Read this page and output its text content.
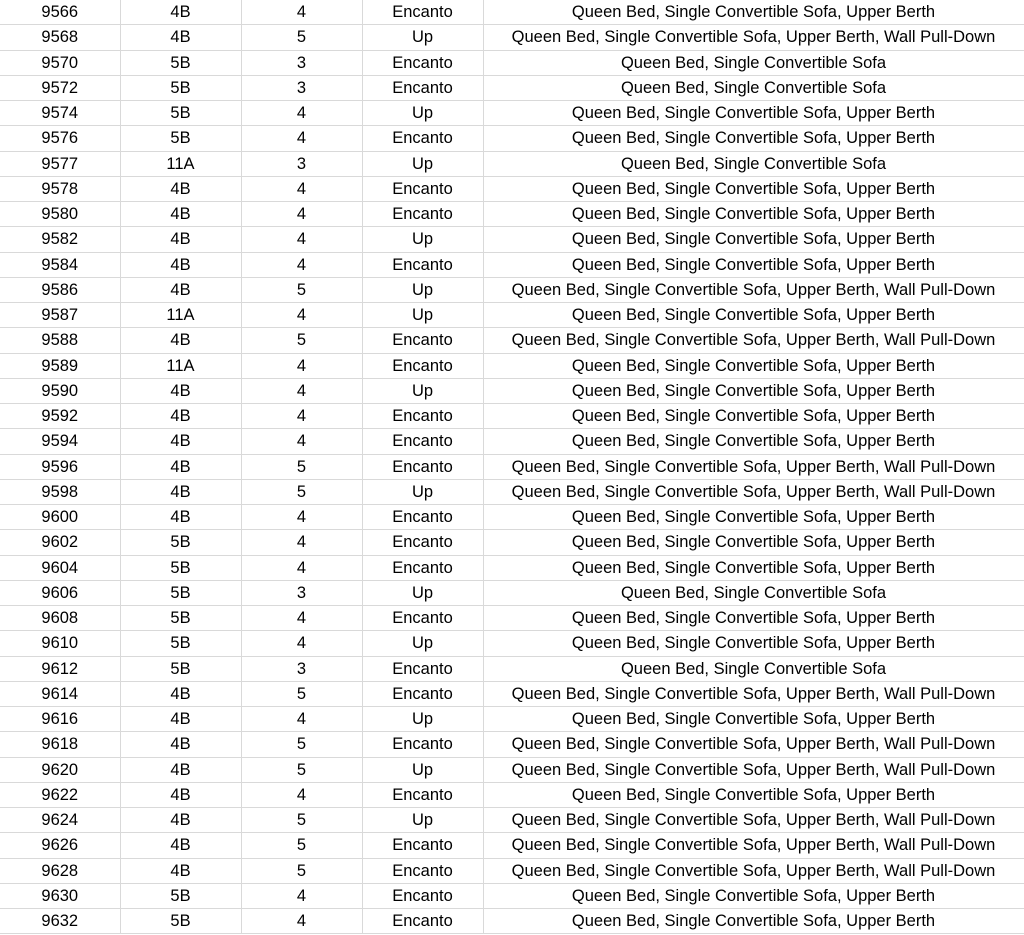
9566	4B	4	Encanto	Queen Bed, Single Convertible Sofa, Upper Berth
9568	4B	5	Up	Queen Bed, Single Convertible Sofa, Upper Berth, Wall Pull-Down
9570	5B	3	Encanto	Queen Bed, Single Convertible Sofa
9572	5B	3	Encanto	Queen Bed, Single Convertible Sofa
9574	5B	4	Up	Queen Bed, Single Convertible Sofa, Upper Berth
9576	5B	4	Encanto	Queen Bed, Single Convertible Sofa, Upper Berth
9577	11A	3	Up	Queen Bed, Single Convertible Sofa
9578	4B	4	Encanto	Queen Bed, Single Convertible Sofa, Upper Berth
9580	4B	4	Encanto	Queen Bed, Single Convertible Sofa, Upper Berth
9582	4B	4	Up	Queen Bed, Single Convertible Sofa, Upper Berth
9584	4B	4	Encanto	Queen Bed, Single Convertible Sofa, Upper Berth
9586	4B	5	Up	Queen Bed, Single Convertible Sofa, Upper Berth, Wall Pull-Down
9587	11A	4	Up	Queen Bed, Single Convertible Sofa, Upper Berth
9588	4B	5	Encanto	Queen Bed, Single Convertible Sofa, Upper Berth, Wall Pull-Down
9589	11A	4	Encanto	Queen Bed, Single Convertible Sofa, Upper Berth
9590	4B	4	Up	Queen Bed, Single Convertible Sofa, Upper Berth
9592	4B	4	Encanto	Queen Bed, Single Convertible Sofa, Upper Berth
9594	4B	4	Encanto	Queen Bed, Single Convertible Sofa, Upper Berth
9596	4B	5	Encanto	Queen Bed, Single Convertible Sofa, Upper Berth, Wall Pull-Down
9598	4B	5	Up	Queen Bed, Single Convertible Sofa, Upper Berth, Wall Pull-Down
9600	4B	4	Encanto	Queen Bed, Single Convertible Sofa, Upper Berth
9602	5B	4	Encanto	Queen Bed, Single Convertible Sofa, Upper Berth
9604	5B	4	Encanto	Queen Bed, Single Convertible Sofa, Upper Berth
9606	5B	3	Up	Queen Bed, Single Convertible Sofa
9608	5B	4	Encanto	Queen Bed, Single Convertible Sofa, Upper Berth
9610	5B	4	Up	Queen Bed, Single Convertible Sofa, Upper Berth
9612	5B	3	Encanto	Queen Bed, Single Convertible Sofa
9614	4B	5	Encanto	Queen Bed, Single Convertible Sofa, Upper Berth, Wall Pull-Down
9616	4B	4	Up	Queen Bed, Single Convertible Sofa, Upper Berth
9618	4B	5	Encanto	Queen Bed, Single Convertible Sofa, Upper Berth, Wall Pull-Down
9620	4B	5	Up	Queen Bed, Single Convertible Sofa, Upper Berth, Wall Pull-Down
9622	4B	4	Encanto	Queen Bed, Single Convertible Sofa, Upper Berth
9624	4B	5	Up	Queen Bed, Single Convertible Sofa, Upper Berth, Wall Pull-Down
9626	4B	5	Encanto	Queen Bed, Single Convertible Sofa, Upper Berth, Wall Pull-Down
9628	4B	5	Encanto	Queen Bed, Single Convertible Sofa, Upper Berth, Wall Pull-Down
9630	5B	4	Encanto	Queen Bed, Single Convertible Sofa, Upper Berth
9632	5B	4	Encanto	Queen Bed, Single Convertible Sofa, Upper Berth
